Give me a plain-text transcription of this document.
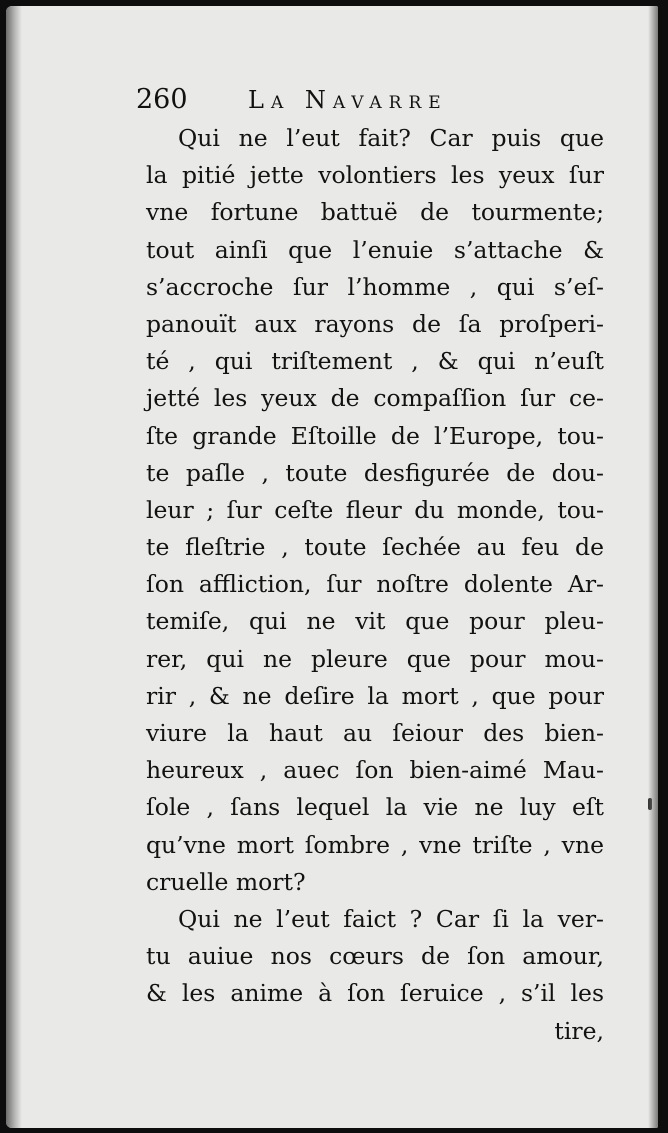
260	La Navarre
Qui ne l’eut fait? Car puis que
la pitié jette volontiers les yeux ſur
vne fortune battuë de tourmente;
tout ainſi que l’enuie s’attache &
s’accroche ſur l’homme , qui s’eſ-
panouït aux rayons de ſa proſperi-
té , qui triſtement , & qui n’euſt
jetté les yeux de compaſſion ſur ce-
ſte grande Eſtoille de l’Europe, tou-
te paſle , toute desfigurée de dou-
leur ; ſur ceſte fleur du monde, tou-
te fleſtrie , toute ſechée au feu de
ſon affliction, ſur noſtre dolente Ar-
temiſe, qui ne vit que pour pleu-
rer, qui ne pleure que pour mou-
rir , & ne deſire la mort , que pour
viure la haut au ſeiour des bien-
heureux , auec ſon bien-aimé Mau-
ſole , ſans lequel la vie ne luy eſt
qu’vne mort ſombre , vne triſte , vne
cruelle mort?
Qui ne l’eut faict ? Car ſi la ver-
tu auiue nos cœurs de ſon amour,
& les anime à ſon ſeruice , s’il les
tire,
